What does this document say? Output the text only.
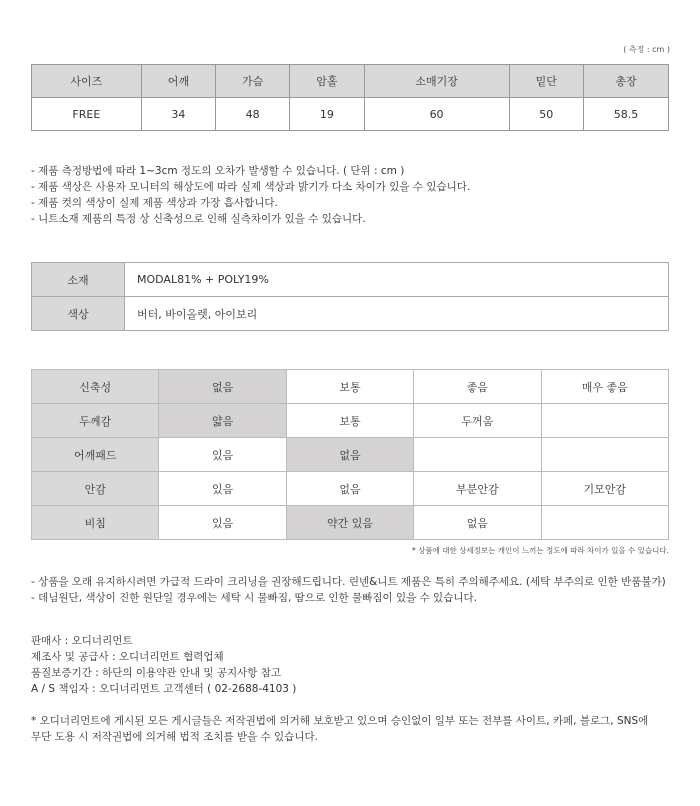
( 측정 : cm )
사이즈	어깨	가슴	암홀	소매기장	밑단	총장
FREE	34	48	19	60	50	58.5
- 제품 측정방법에 따라 1~3cm 정도의 오차가 발생할 수 있습니다. ( 단위 : cm )
- 제품 색상은 사용자 모니터의 해상도에 따라 실제 색상과 밝기가 다소 차이가 있을 수 있습니다.
- 제품 컷의 색상이 실제 제품 색상과 가장 흡사합니다.
- 니트소재 제품의 특정 상 신축성으로 인해 실측차이가 있을 수 있습니다.
소재	MODAL81% + POLY19%
색상	버터, 바이올렛, 아이보리
신축성	없음	보통	좋음	매우 좋음
두께감	얇음	보통	두꺼움	
어깨패드	있음	없음		
안감	있음	없음	부분안감	기모안감
비침	있음	약간 있음	없음	
* 상품에 대한 상세정보는 개인이 느끼는 정도에 따라 차이가 있을 수 있습니다.
- 상품을 오래 유지하시려면 가급적 드라이 크리닝을 권장해드립니다. 린넨&니트 제품은 특히 주의해주세요. (세탁 부주의로 인한 반품불가)
- 데님원단, 색상이 진한 원단일 경우에는 세탁 시 물빠짐, 땀으로 인한 물빠짐이 있을 수 있습니다.
판매사 : 오디너리먼트
제조사 및 공급사 : 오디너리먼트 협력업체
품질보증기간 : 하단의 이용약관 안내 및 공지사항 참고
A / S 책임자 : 오디너리먼트 고객센터 ( 02-2688-4103 )
* 오디너리먼트에 게시된 모든 게시글들은 저작권법에 의거해 보호받고 있으며 승인없이 일부 또는 전부를 사이트, 카페, 블로그, SNS에
무단 도용 시 저작권법에 의거해 법적 조치를 받을 수 있습니다.
